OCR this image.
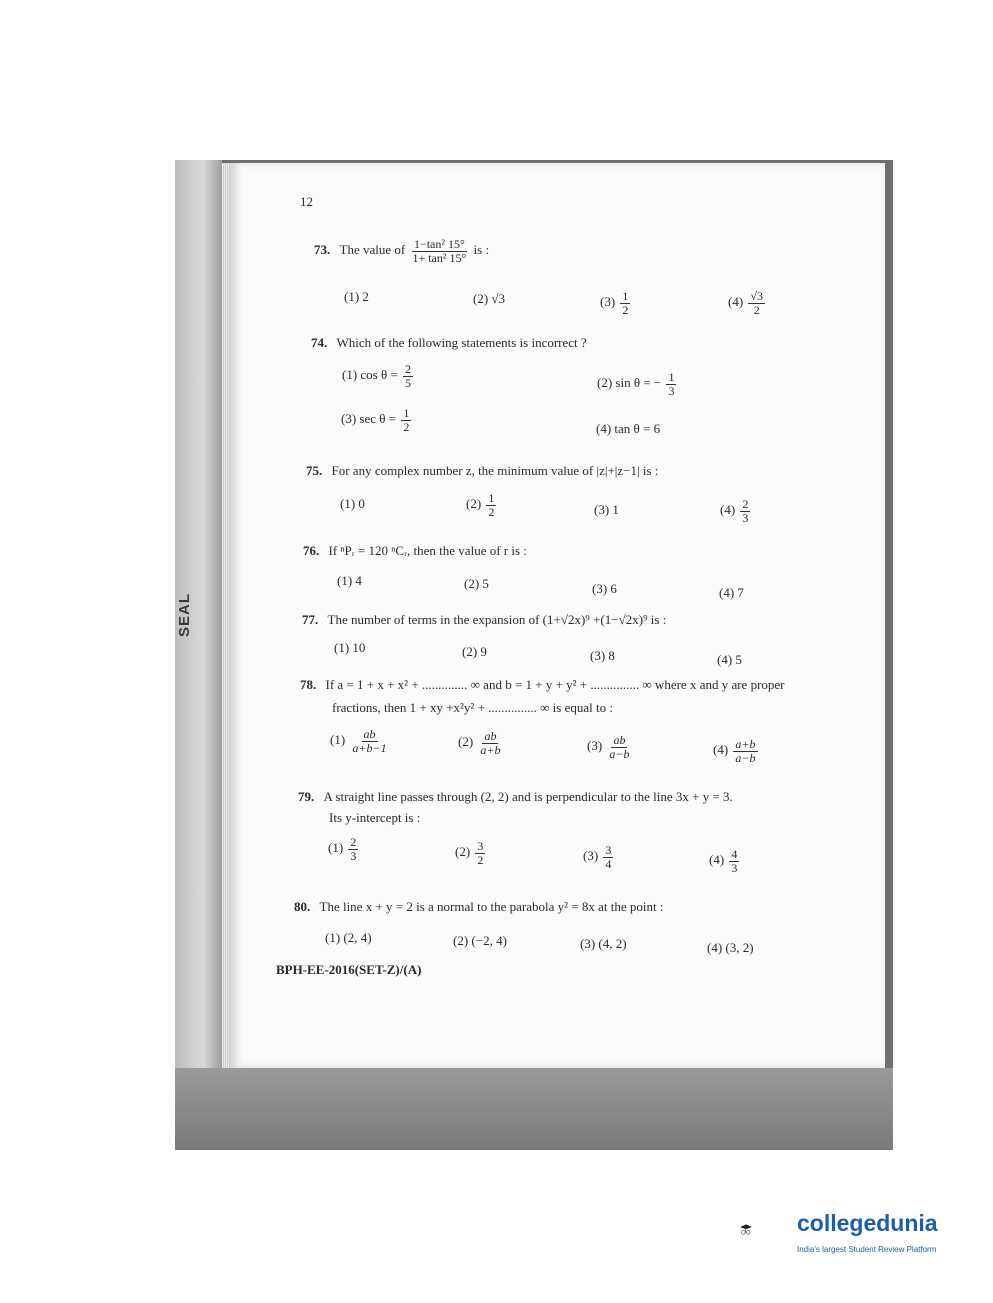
SEAL
12
73. The value of $\frac{\text{1−tan² 15°}}{\text{1+ tan² 15°}}$ is :
(1) 2	(2) √3	$(3) \frac{1}{2}$	$(4) \frac{√3}{2}$
74. Which of the following statements is incorrect ?
(1) $\cos \theta = \frac{2}{5}$	(2) sin θ = − $\frac{1}{3}$
(3) $\sec \theta = \frac{1}{2}$	(4) tan θ = 6
75. For any complex number z, the minimum value of |z|+|z−1| is :
(1) 0	$(2) \frac{1}{2}$	(3) 1	$(4) \frac{2}{3}$
76. If ⁿPᵣ = 120 ⁿCᵣ, then the value of r is :
(1) 4	(2) 5	(3) 6	(4) 7
77. The number of terms in the expansion of (1+√2x)⁹ +(1−√2x)⁹ is :
(1) 10	(2) 9	(3) 8	(4) 5
78. If a = 1 + x + x² + .............. ∞ and b = 1 + y + y² + ............... ∞ where x and y are proper
fractions, then 1 + xy +x²y² + ............... ∞ is equal to :
$(1) \frac{ab}{a+b-1}$	$(2) \frac{ab}{a+b}$	$(3) \frac{ab}{a-b}$	$(4) \frac{a+b}{a-b}$
79. A straight line passes through (2, 2) and is perpendicular to the line 3x + y = 3.
Its y-intercept is :
$(1) \frac{2}{3}$	$(2) \frac{3}{2}$	$(3) \frac{3}{4}$	$(4) \frac{4}{3}$
80. The line x + y = 2 is a normal to the parabola y² = 8x at the point :
(1) (2, 4)	(2) (−2, 4)	(3) (4, 2)	(4) (3, 2)
BPH-EE-2016(SET-Z)/(A)
collegedunia
India's largest Student Review Platform
